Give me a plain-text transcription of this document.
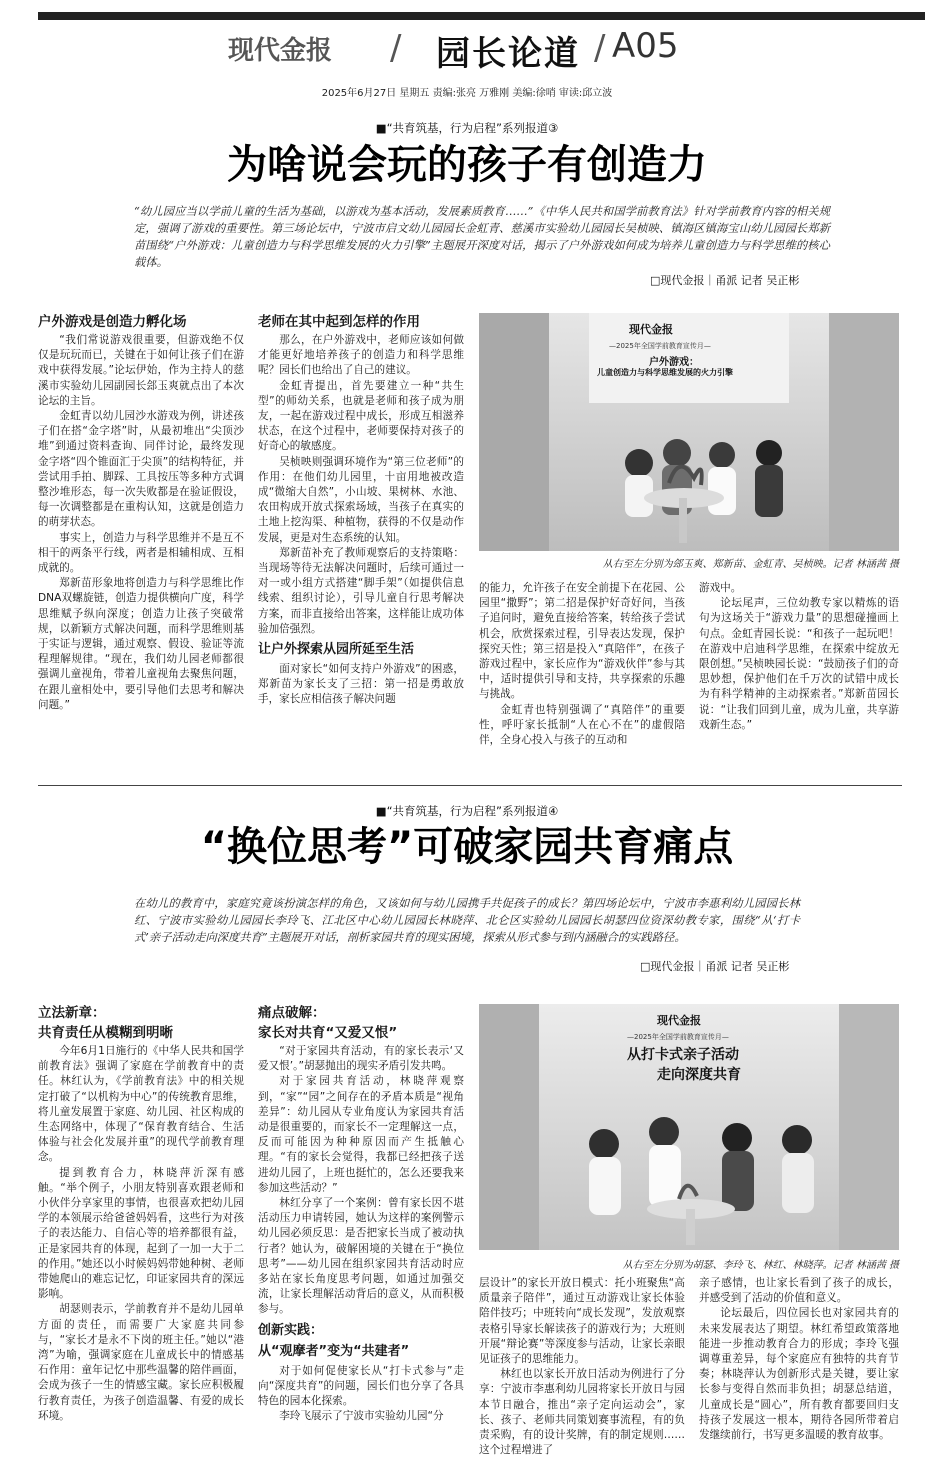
现代金报 / 园长论道 / A05
2025年6月27日 星期五 责编:张亮 万雅刚 美编:徐哨 审读:邱立波
■“共育筑基，行为启程”系列报道③
为啥说会玩的孩子有创造力
“幼儿园应当以学前儿童的生活为基础，以游戏为基本活动，发展素质教育……”《中华人民共和国学前教育法》针对学前教育内容的相关规定，强调了游戏的重要性。第三场论坛中，宁波市启文幼儿园园长金虹青、慈溪市实验幼儿园园长吴桢映、镇海区镇海宝山幼儿园园长郑新苗围绕“户外游戏：儿童创造力与科学思维发展的火力引擎”主题展开深度对话，揭示了户外游戏如何成为培养儿童创造力与科学思维的核心载体。
□现代金报｜甬派 记者 吴正彬
户外游戏是创造力孵化场

“我们常说游戏很重要，但游戏绝不仅仅是玩玩而已，关键在于如何让孩子们在游戏中获得发展。”论坛伊始，作为主持人的慈溪市实验幼儿园副园长郐玉爽就点出了本次论坛的主旨。

金虹青以幼儿园沙水游戏为例，讲述孩子们在搭“金字塔”时，从最初堆出“尖顶沙堆”到通过资料查询、同伴讨论，最终发现金字塔“四个锥面汇于尖顶”的结构特征，并尝试用手拍、脚踩、工具按压等多种方式调整沙堆形态，每一次失败都是在验证假设，每一次调整都是在重构认知，这就是创造力的萌芽状态。

事实上，创造力与科学思维并不是互不相干的两条平行线，两者是相辅相成、互相成就的。

郑新苗形象地将创造力与科学思维比作DNA双螺旋链，创造力提供横向广度，科学思维赋予纵向深度；创造力让孩子突破常规，以新颖方式解决问题，而科学思维则基于实证与逻辑，通过观察、假设、验证等流程理解规律。“现在，我们幼儿园老师都很强调儿童视角，带着儿童视角去聚焦问题，在跟儿童相处中，要引导他们去思考和解决问题。”

老师在其中起到怎样的作用

那么，在户外游戏中，老师应该如何做才能更好地培养孩子的创造力和科学思维呢？园长们也给出了自己的建议。

金虹青提出，首先要建立一种“共生型”的师幼关系，也就是老师和孩子成为朋友，一起在游戏过程中成长，形成互相滋养状态，在这个过程中，老师要保持对孩子的好奇心的敏感度。

吴桢映则强调环境作为“第三位老师”的作用：在他们幼儿园里，十亩用地被改造成“微缩大自然”，小山坡、果树林、水池、农田构成开放式探索场域，当孩子在真实的土地上挖沟渠、种植物，获得的不仅是动作发展，更是对生态系统的认知。

郑新苗补充了教师观察后的支持策略：当现场等待无法解决问题时，后续可通过一对一或小组方式搭建“脚手架”（如提供信息线索、组织讨论），引导儿童自行思考解决方案，而非直接给出答案，这样能让成功体验加倍强烈。

让户外探索从园所延至生活

面对家长“如何支持户外游戏”的困惑，郑新苗为家长支了三招：第一招是勇敢放手，家长应相信孩子解决问题

现代金报
—2025年全国学前教育宣传月—
户外游戏：
儿童创造力与科学思维发展的火力引擎
从右至左分别为郐玉爽、郑新苗、金虹青、吴桢映。记者 林涵茜 摄

的能力，允许孩子在安全前提下在花园、公园里“撒野”；第二招是保护好奇好问，当孩子追问时，避免直接给答案，转给孩子尝试机会，欣赏探索过程，引导表达发现，保护探究天性；第三招是投入“真陪伴”，在孩子游戏过程中，家长应作为“游戏伙伴”参与其中，适时提供引导和支持，共享探索的乐趣与挑战。

金虹青也特别强调了“真陪伴”的重要性，呼吁家长抵制“人在心不在”的虚假陪伴，全身心投入与孩子的互动和

游戏中。

论坛尾声，三位幼教专家以精炼的语句为这场关于“游戏力量”的思想碰撞画上句点。金虹青园长说：“和孩子一起玩吧！在游戏中启迪科学思维，在探索中绽放无限创想。”吴桢映园长说：“鼓励孩子们的奇思妙想，保护他们在千万次的试错中成长为有科学精神的主动探索者。”郑新苗园长说：“让我们回到儿童，成为儿童，共享游戏新生态。”

■“共育筑基，行为启程”系列报道④
“换位思考”可破家园共育痛点
在幼儿的教育中，家庭究竟该扮演怎样的角色，又该如何与幼儿园携手共促孩子的成长？第四场论坛中，宁波市李惠利幼儿园园长林红、宁波市实验幼儿园园长李玲飞、江北区中心幼儿园园长林晓萍、北仑区实验幼儿园园长胡瑟四位资深幼教专家，围绕“从‘打卡式’亲子活动走向深度共育”主题展开对话，剖析家园共育的现实困境，探索从形式参与到内涵融合的实践路径。
□现代金报｜甬派 记者 吴正彬
立法新章：
共育责任从模糊到明晰

今年6月1日施行的《中华人民共和国学前教育法》强调了家庭在学前教育中的责任。林红认为，《学前教育法》中的相关规定打破了“以机构为中心”的传统教育思维，将儿童发展置于家庭、幼儿园、社区构成的生态网络中，体现了“保育教育结合、生活体验与社会化发展并重”的现代学前教育理念。

提到教育合力，林晓萍沂深有感触。“举个例子，小朋友特别喜欢跟老师和小伙伴分享家里的事情，也很喜欢把幼儿园学的本领展示给爸爸妈妈看，这些行为对孩子的表达能力、自信心等的培养都很有益，正是家园共育的体现，起到了一加一大于二的作用。”她还以小时候妈妈带她种树、老师带她爬山的难忘记忆，印证家园共育的深远影响。

胡瑟则表示，学前教育并不是幼儿园单方面的责任，而需要广大家庭共同参与，“家长才是永不下岗的班主任。”她以“港湾”为喻，强调家庭在儿童成长中的情感基石作用：童年记忆中那些温馨的陪伴画面，会成为孩子一生的情感宝藏。家长应积极履行教育责任，为孩子创造温馨、有爱的成长环境。

痛点破解：
家长对共育“又爱又恨”

“对于家园共育活动，有的家长表示‘又爱又恨’。”胡瑟抛出的现实矛盾引发共鸣。

对于家园共育活动，林晓萍观察到，“家”“园”之间存在的矛盾本质是“视角差异”：幼儿园从专业角度认为家园共育活动是很重要的，而家长不一定理解这一点，反而可能因为种种原因而产生抵触心理。“有的家长会觉得，我都已经把孩子送进幼儿园了，上班也挺忙的，怎么还要我来参加这些活动？”

林红分享了一个案例：曾有家长因不堪活动压力申请转园，她认为这样的案例警示幼儿园必须反思：是否把家长当成了被动执行者？她认为，破解困境的关键在于“换位思考”——幼儿园在组织家园共育活动时应多站在家长角度思考问题，如通过加强交流，让家长理解活动背后的意义，从而积极参与。

创新实践：
从“观摩者”变为“共建者”

对于如何促使家长从“打卡式参与”走向“深度共育”的问题，园长们也分享了各具特色的园本化探索。

李玲飞展示了宁波市实验幼儿园“分

现代金报
—2025年全国学前教育宣传月—
从打卡式亲子活动
走向深度共育
从右至左分别为胡瑟、李玲飞、林红、林晓萍。记者 林涵茜 摄

层设计”的家长开放日模式：托小班聚焦“高质量亲子陪伴”，通过互动游戏让家长体验陪伴技巧；中班转向“成长发现”，发放观察表格引导家长解读孩子的游戏行为；大班则开展“辩论赛”等深度参与活动，让家长亲眼见证孩子的思维能力。

林红也以家长开放日活动为例进行了分享：宁波市李惠利幼儿园将家长开放日与园本节日融合，推出“亲子定向运动会”，家长、孩子、老师共同策划赛事流程，有的负责采购，有的设计奖牌，有的制定规则……这个过程增进了

亲子感情，也让家长看到了孩子的成长，并感受到了活动的价值和意义。

论坛最后，四位园长也对家园共育的未来发展表达了期望。林红希望政策落地能进一步推动教育合力的形成；李玲飞强调尊重差异，每个家庭应有独特的共育节奏；林晓萍认为创新形式是关键，要让家长参与变得自然而非负担；胡瑟总结道，儿童成长是“圆心”，所有教育都要回归支持孩子发展这一根本，期待各园所带着启发继续前行，书写更多温暖的教育故事。
